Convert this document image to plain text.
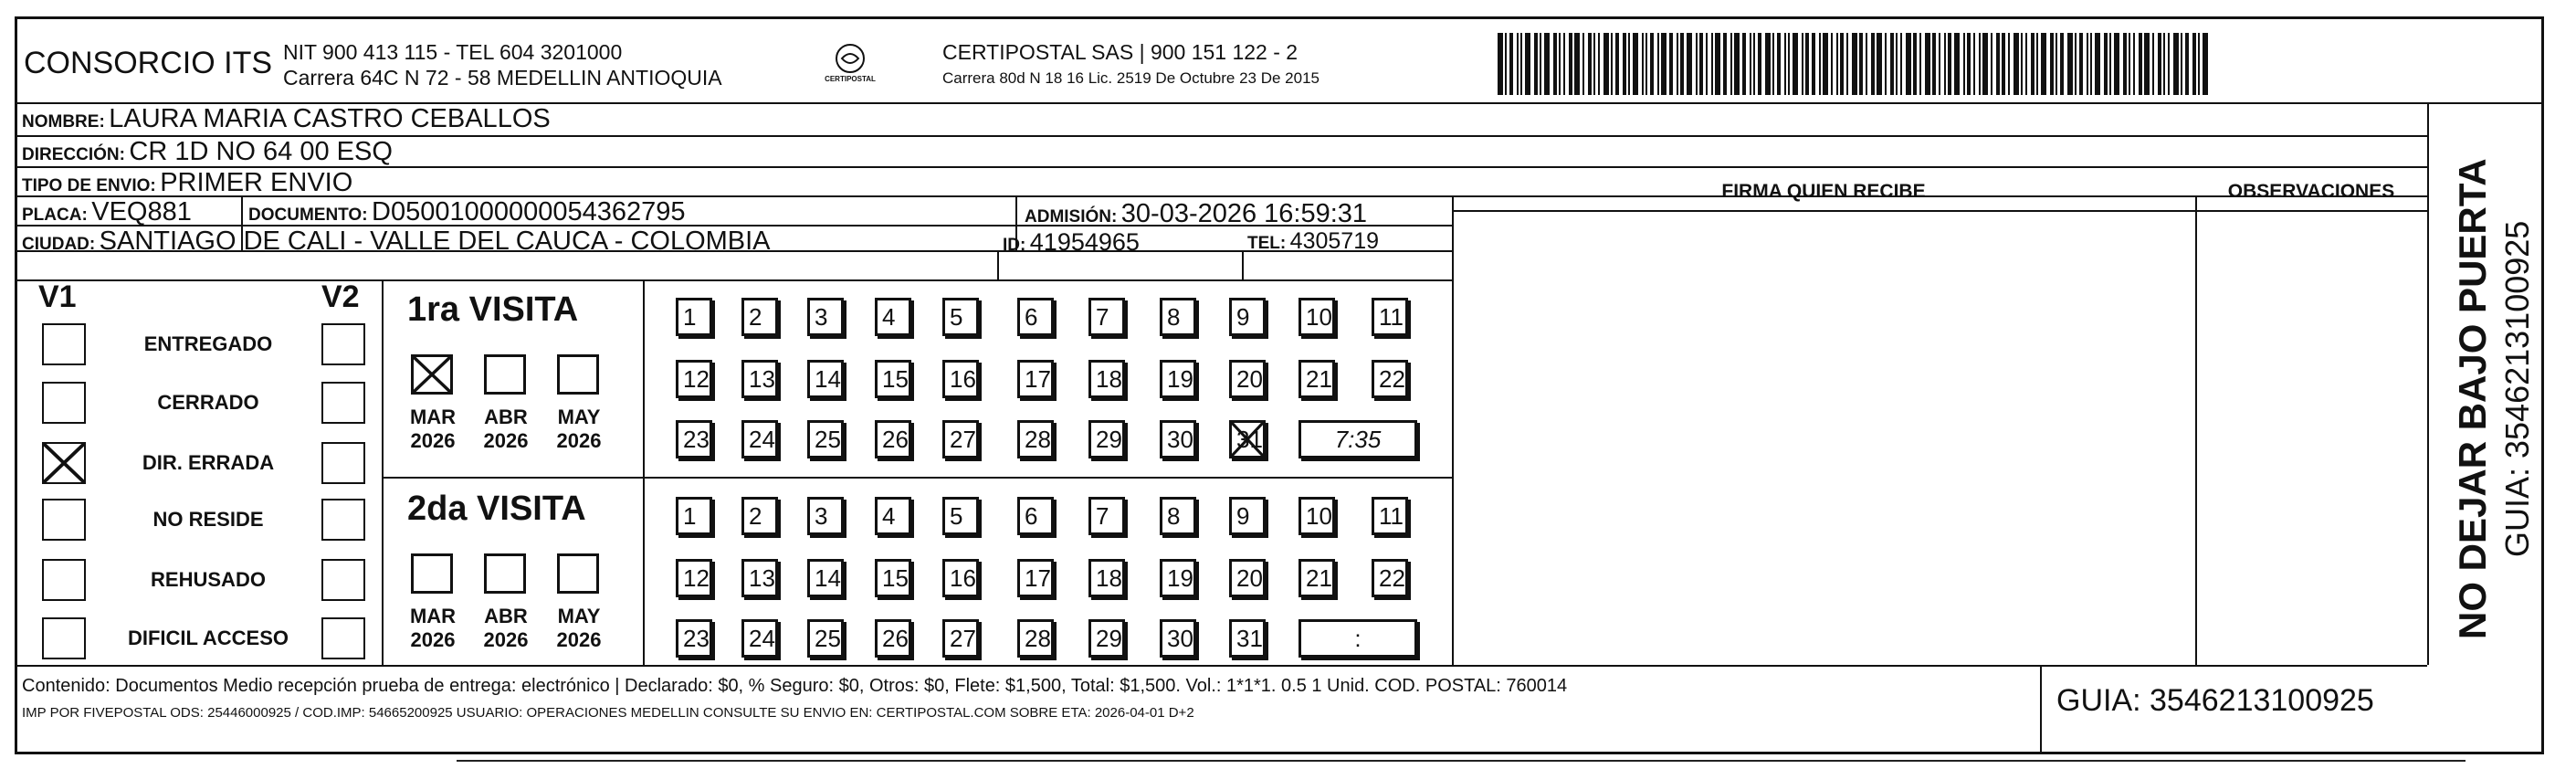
CONSORCIO ITS NIT 900 413 115 - TEL 604 3201000
Carrera 64C N 72 - 58 MEDELLIN ANTIOQUIA	CERTIPOSTAL
CERTIPOSTAL SAS | 900 151 122 - 2
Carrera 80d N 18 16 Lic. 2519 De Octubre 23 De 2015
NOMBRE: LAURA MARIA CASTRO CEBALLOS
DIRECCIÓN: CR 1D NO 64 00 ESQ
TIPO DE ENVIO: PRIMER ENVIO	FIRMA QUIEN RECIBE	OBSERVACIONES
PLACA: VEQ881	DOCUMENTO: D05001000000054362795	ADMISIÓN: 30-03-2026 16:59:31
CIUDAD: SANTIAGO DE CALI - VALLE DEL CAUCA - COLOMBIA	ID: 41954965	TEL: 4305719
V1	V2
ENTREGADO
CERRADO
DIR. ERRADA
NO RESIDE
REHUSADO
DIFICIL ACCESO
1ra VISITA
MAR
2026
ABR
2026
MAY
2026
1	2	3	4	5	6	7	8	9	10	11
12	13	14	15	16	17	18	19	20	21	22
23	24	25	26	27	28	29	30 31	7:35
2da VISITA
MAR
2026
ABR
2026
MAY
2026
1	2	3	4	5	6	7	8	9	10	11
12	13	14	15	16	17	18	19	20	21	22
23	24	25	26	27	28	29	30	31	:
Contenido: Documentos Medio recepción prueba de entrega: electrónico | Declarado: $0, % Seguro: $0, Otros: $0, Flete: $1,500, Total: $1,500. Vol.: 1*1*1. 0.5 1 Unid. COD. POSTAL: 760014
IMP POR FIVEPOSTAL ODS: 25446000925 / COD.IMP: 54665200925 USUARIO: OPERACIONES MEDELLIN CONSULTE SU ENVIO EN: CERTIPOSTAL.COM SOBRE ETA: 2026-04-01 D+2	GUIA: 3546213100925
NO DEJAR BAJO PUERTA GUIA: 3546213100925
